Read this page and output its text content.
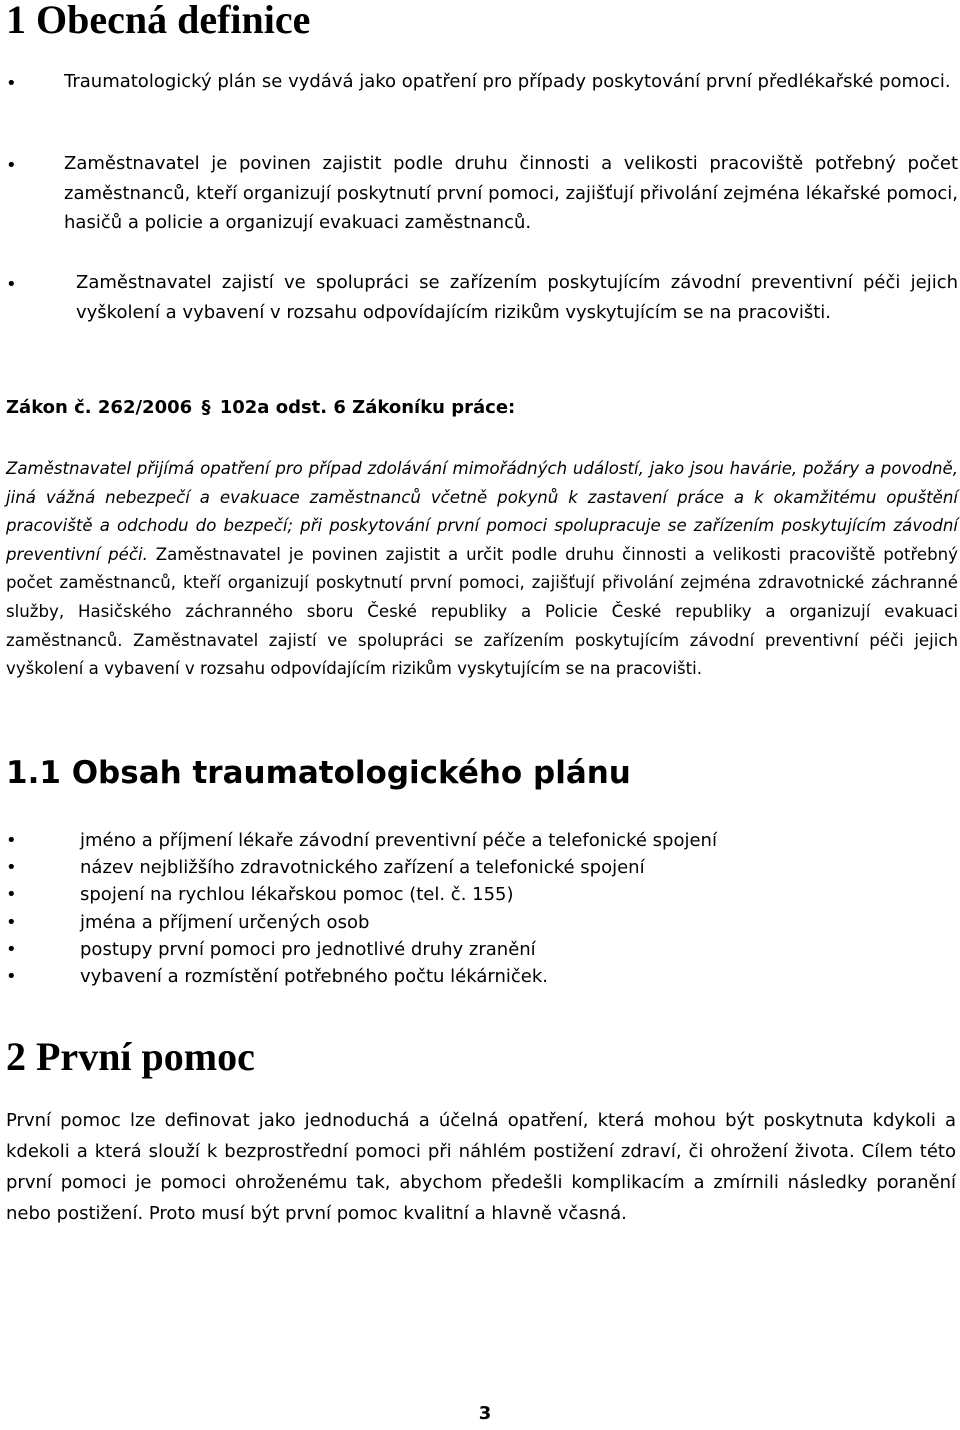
1 Obecná definice
•	Traumatologický plán se vydává jako opatření pro případy poskytování první předlékařské pomoci.
•	Zaměstnavatel je povinen zajistit podle druhu činnosti a velikosti pracoviště potřebný počet zaměstnanců, kteří organizují poskytnutí první pomoci, zajišťují přivolání zejména lékařské pomoci, hasičů a policie a organizují evakuaci zaměstnanců.
•	Zaměstnavatel zajistí ve spolupráci se zařízením poskytujícím závodní preventivní péči jejich vyškolení a vybavení v rozsahu odpovídajícím rizikům vyskytujícím se na pracovišti.
Zákon č. 262/2006 § 102a odst. 6 Zákoníku práce:
Zaměstnavatel přijímá opatření pro případ zdolávání mimořádných událostí, jako jsou havárie, požáry a povodně, jiná vážná nebezpečí a evakuace zaměstnanců včetně pokynů k zastavení práce a k okamžitému opuštění pracoviště a odchodu do bezpečí; při poskytování první pomoci spolupracuje se zařízením poskytujícím závodní preventivní péči. Zaměstnavatel je povinen zajistit a určit podle druhu činnosti a velikosti pracoviště potřebný počet zaměstnanců, kteří organizují poskytnutí první pomoci, zajišťují přivolání zejména zdravotnické záchranné služby, Hasičského záchranného sboru České republiky a Policie České republiky a organizují evakuaci zaměstnanců. Zaměstnavatel zajistí ve spolupráci se zařízením poskytujícím závodní preventivní péči jejich vyškolení a vybavení v rozsahu odpovídajícím rizikům vyskytujícím se na pracovišti.
1.1 Obsah traumatologického plánu
•	jméno a příjmení lékaře závodní preventivní péče a telefonické spojení
•	název nejbližšího zdravotnického zařízení a telefonické spojení
•	spojení na rychlou lékařskou pomoc (tel. č. 155)
•	jména a příjmení určených osob
•	postupy první pomoci pro jednotlivé druhy zranění
•	vybavení a rozmístění potřebného počtu lékárniček.
2 První pomoc
První pomoc lze definovat jako jednoduchá a účelná opatření, která mohou být poskytnuta kdykoli a kdekoli a která slouží k bezprostřední pomoci při náhlém postižení zdraví, či ohrožení života. Cílem této první pomoci je pomoci ohroženému tak, abychom předešli komplikacím a zmírnili následky poranění nebo postižení. Proto musí být první pomoc kvalitní a hlavně včasná.
3
